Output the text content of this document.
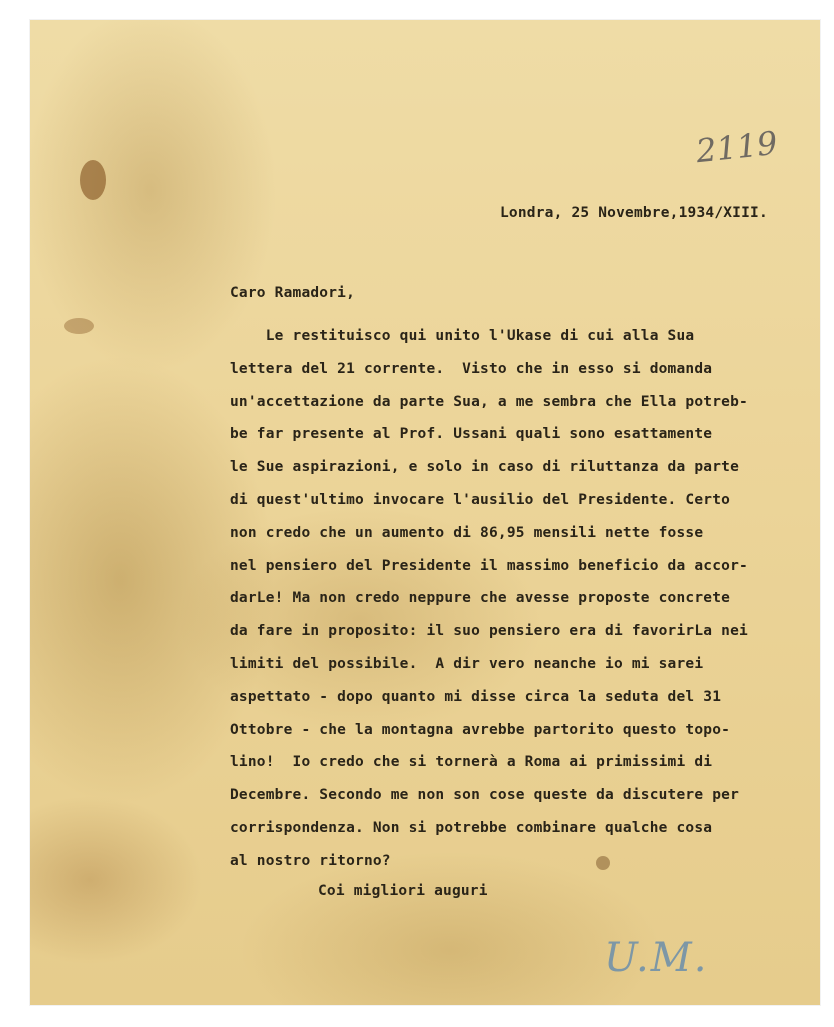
2119
Londra, 25 Novembre,1934/XIII.
Caro Ramadori,
Le restituisco qui unito l'Ukase di cui alla Sua
lettera del 21 corrente.  Visto che in esso si domanda
un'accettazione da parte Sua, a me sembra che Ella potreb-
be far presente al Prof. Ussani quali sono esattamente
le Sue aspirazioni, e solo in caso di riluttanza da parte
di quest'ultimo invocare l'ausilio del Presidente. Certo
non credo che un aumento di 86,95 mensili nette fosse
nel pensiero del Presidente il massimo beneficio da accor-
darLe! Ma non credo neppure che avesse proposte concrete
da fare in proposito: il suo pensiero era di favorirLa nei
limiti del possibile.  A dir vero neanche io mi sarei
aspettato - dopo quanto mi disse circa la seduta del 31
Ottobre - che la montagna avrebbe partorito questo topo-
lino!  Io credo che si tornerà a Roma ai primissimi di
Decembre. Secondo me non son cose queste da discutere per
corrispondenza. Non si potrebbe combinare qualche cosa
al nostro ritorno?
Coi migliori auguri
U.M.
